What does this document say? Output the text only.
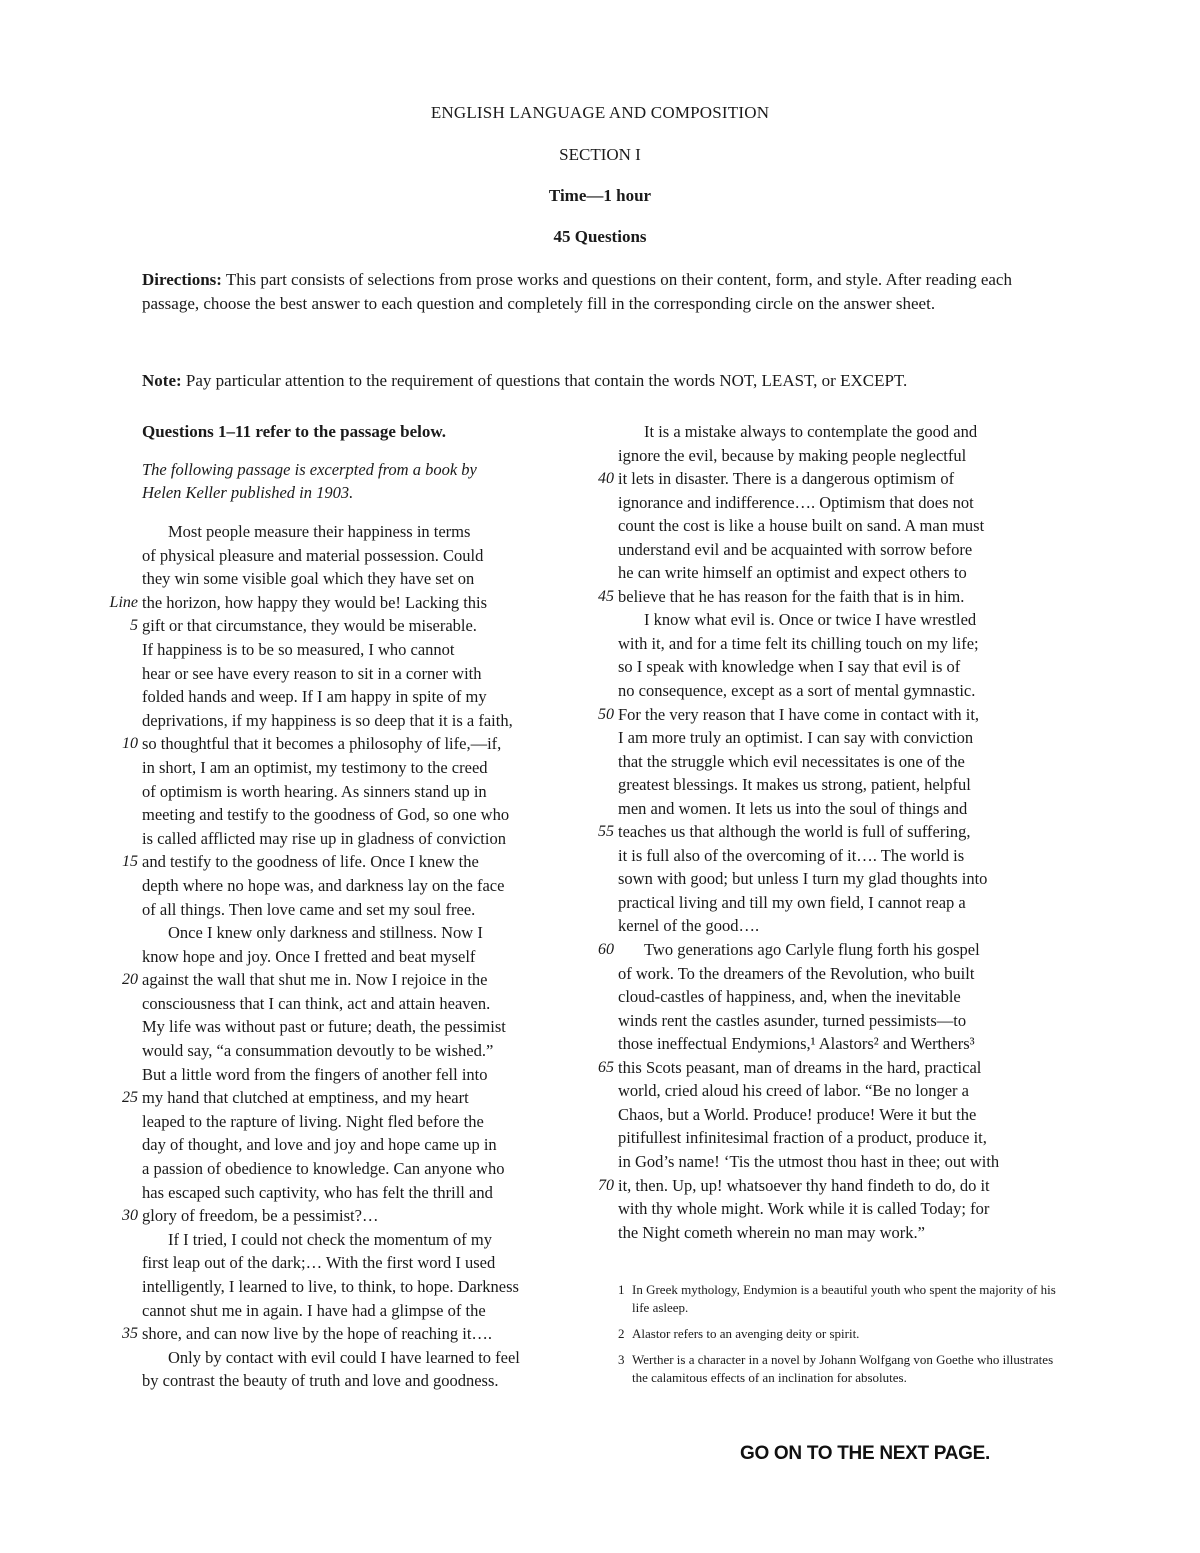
ENGLISH LANGUAGE AND COMPOSITION
SECTION I
Time—1 hour
45 Questions
Directions: This part consists of selections from prose works and questions on their content, form, and style. After reading each passage, choose the best answer to each question and completely fill in the corresponding circle on the answer sheet.
Note: Pay particular attention to the requirement of questions that contain the words NOT, LEAST, or EXCEPT.
Questions 1–11 refer to the passage below.
The following passage is excerpted from a book by
Helen Keller published in 1903.
Most people measure their happiness in terms
of physical pleasure and material possession. Could
they win some visible goal which they have set on
Line the horizon, how happy they would be! Lacking this
5 gift or that circumstance, they would be miserable.
If happiness is to be so measured, I who cannot
hear or see have every reason to sit in a corner with
folded hands and weep. If I am happy in spite of my
deprivations, if my happiness is so deep that it is a faith,
10 so thoughtful that it becomes a philosophy of life,—if,
in short, I am an optimist, my testimony to the creed
of optimism is worth hearing. As sinners stand up in
meeting and testify to the goodness of God, so one who
is called afflicted may rise up in gladness of conviction
15 and testify to the goodness of life. Once I knew the
depth where no hope was, and darkness lay on the face
of all things. Then love came and set my soul free.
Once I knew only darkness and stillness. Now I
know hope and joy. Once I fretted and beat myself
20 against the wall that shut me in. Now I rejoice in the
consciousness that I can think, act and attain heaven.
My life was without past or future; death, the pessimist
would say, “a consummation devoutly to be wished.”
But a little word from the fingers of another fell into
25 my hand that clutched at emptiness, and my heart
leaped to the rapture of living. Night fled before the
day of thought, and love and joy and hope came up in
a passion of obedience to knowledge. Can anyone who
has escaped such captivity, who has felt the thrill and
30 glory of freedom, be a pessimist?…
If I tried, I could not check the momentum of my
first leap out of the dark;… With the first word I used
intelligently, I learned to live, to think, to hope. Darkness
cannot shut me in again. I have had a glimpse of the
35 shore, and can now live by the hope of reaching it….
Only by contact with evil could I have learned to feel
by contrast the beauty of truth and love and goodness.
It is a mistake always to contemplate the good and
ignore the evil, because by making people neglectful
40 it lets in disaster. There is a dangerous optimism of
ignorance and indifference…. Optimism that does not
count the cost is like a house built on sand. A man must
understand evil and be acquainted with sorrow before
he can write himself an optimist and expect others to
45 believe that he has reason for the faith that is in him.
I know what evil is. Once or twice I have wrestled
with it, and for a time felt its chilling touch on my life;
so I speak with knowledge when I say that evil is of
no consequence, except as a sort of mental gymnastic.
50 For the very reason that I have come in contact with it,
I am more truly an optimist. I can say with conviction
that the struggle which evil necessitates is one of the
greatest blessings. It makes us strong, patient, helpful
men and women. It lets us into the soul of things and
55 teaches us that although the world is full of suffering,
it is full also of the overcoming of it…. The world is
sown with good; but unless I turn my glad thoughts into
practical living and till my own field, I cannot reap a
kernel of the good….
60 Two generations ago Carlyle flung forth his gospel
of work. To the dreamers of the Revolution, who built
cloud-castles of happiness, and, when the inevitable
winds rent the castles asunder, turned pessimists—to
those ineffectual Endymions,¹ Alastors² and Werthers³
65 this Scots peasant, man of dreams in the hard, practical
world, cried aloud his creed of labor. “Be no longer a
Chaos, but a World. Produce! produce! Were it but the
pitifullest infinitesimal fraction of a product, produce it,
in God’s name! ‘Tis the utmost thou hast in thee; out with
70 it, then. Up, up! whatsoever thy hand findeth to do, do it
with thy whole might. Work while it is called Today; for
the Night cometh wherein no man may work.”
1 In Greek mythology, Endymion is a beautiful youth who spent the majority of his life asleep.
2 Alastor refers to an avenging deity or spirit.
3 Werther is a character in a novel by Johann Wolfgang von Goethe who illustrates the calamitous effects of an inclination for absolutes.
GO ON TO THE NEXT PAGE.
